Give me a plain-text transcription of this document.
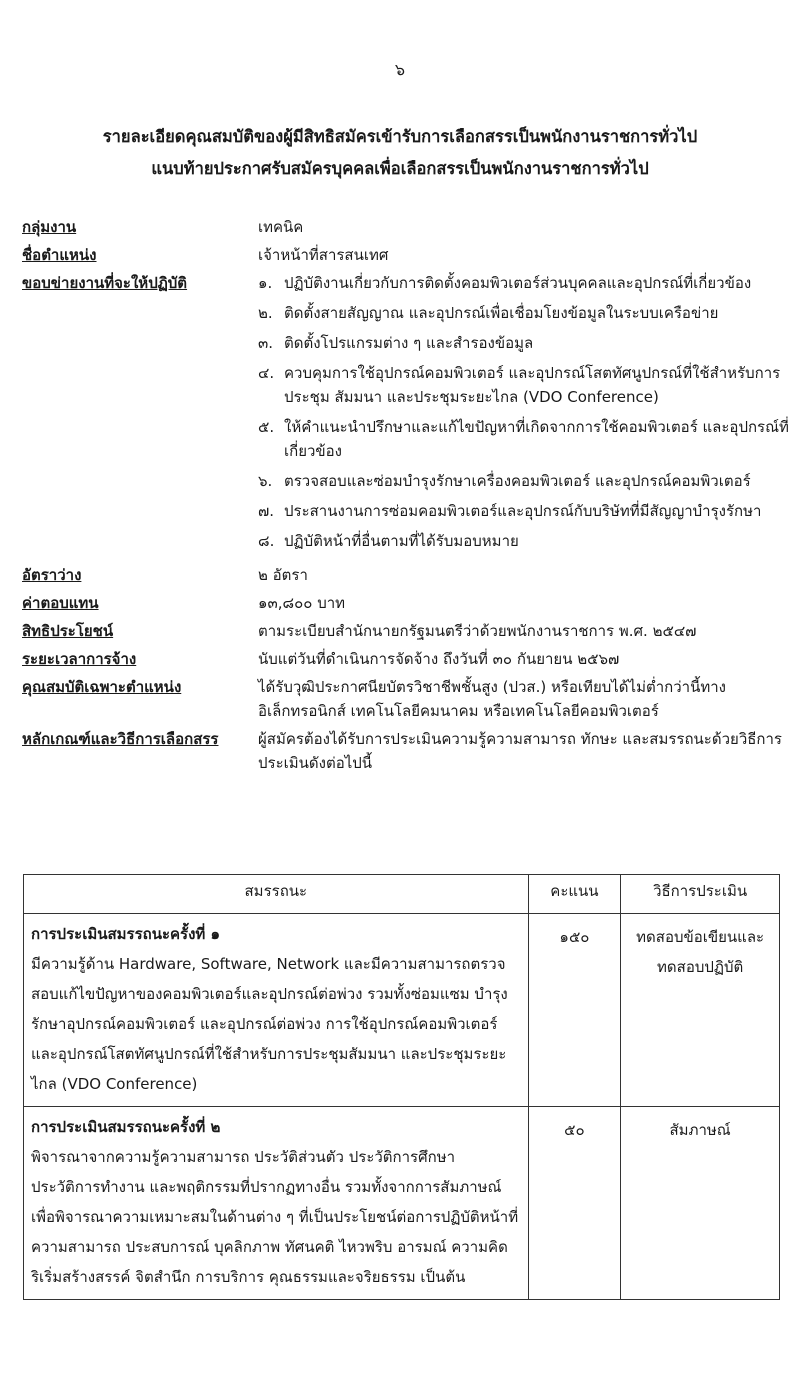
๖
รายละเอียดคุณสมบัติของผู้มีสิทธิสมัครเข้ารับการเลือกสรรเป็นพนักงานราชการทั่วไป
แนบท้ายประกาศรับสมัครบุคคลเพื่อเลือกสรรเป็นพนักงานราชการทั่วไป
กลุ่มงาน	เทคนิค
ชื่อตำแหน่ง	เจ้าหน้าที่สารสนเทศ
ขอบข่ายงานที่จะให้ปฏิบัติ	๑. ปฏิบัติงานเกี่ยวกับการติดตั้งคอมพิวเตอร์ส่วนบุคคลและอุปกรณ์ที่เกี่ยวข้อง
๒. ติดตั้งสายสัญญาณ และอุปกรณ์เพื่อเชื่อมโยงข้อมูลในระบบเครือข่าย
๓. ติดตั้งโปรแกรมต่าง ๆ และสำรองข้อมูล
๔. ควบคุมการใช้อุปกรณ์คอมพิวเตอร์ และอุปกรณ์โสตทัศนูปกรณ์ที่ใช้สำหรับการประชุม สัมมนา และประชุมระยะไกล (VDO Conference)
๕. ให้คำแนะนำปรึกษาและแก้ไขปัญหาที่เกิดจากการใช้คอมพิวเตอร์ และอุปกรณ์ที่เกี่ยวข้อง
๖. ตรวจสอบและซ่อมบำรุงรักษาเครื่องคอมพิวเตอร์ และอุปกรณ์คอมพิวเตอร์
๗. ประสานงานการซ่อมคอมพิวเตอร์และอุปกรณ์กับบริษัทที่มีสัญญาบำรุงรักษา
๘. ปฏิบัติหน้าที่อื่นตามที่ได้รับมอบหมาย
อัตราว่าง	๒ อัตรา
ค่าตอบแทน	๑๓,๘๐๐ บาท
สิทธิประโยชน์	ตามระเบียบสำนักนายกรัฐมนตรีว่าด้วยพนักงานราชการ พ.ศ. ๒๕๔๗
ระยะเวลาการจ้าง	นับแต่วันที่ดำเนินการจัดจ้าง ถึงวันที่ ๓๐ กันยายน ๒๕๖๗
คุณสมบัติเฉพาะตำแหน่ง	ได้รับวุฒิประกาศนียบัตรวิชาชีพชั้นสูง (ปวส.) หรือเทียบได้ไม่ต่ำกว่านี้ทางอิเล็กทรอนิกส์ เทคโนโลยีคมนาคม หรือเทคโนโลยีคอมพิวเตอร์
หลักเกณฑ์และวิธีการเลือกสรร	ผู้สมัครต้องได้รับการประเมินความรู้ความสามารถ ทักษะ และสมรรถนะด้วยวิธีการประเมินดังต่อไปนี้
สมรรถนะ	คะแนน	วิธีการประเมิน

การประเมินสมรรถนะครั้งที่ ๑
มีความรู้ด้าน Hardware, Software, Network และมีความสามารถตรวจสอบแก้ไขปัญหาของคอมพิวเตอร์และอุปกรณ์ต่อพ่วง รวมทั้งซ่อมแซม บำรุงรักษาอุปกรณ์คอมพิวเตอร์ และอุปกรณ์ต่อพ่วง การใช้อุปกรณ์คอมพิวเตอร์ และอุปกรณ์โสตทัศนูปกรณ์ที่ใช้สำหรับการประชุมสัมมนา และประชุมระยะไกล (VDO Conference)	๑๕๐	ทดสอบข้อเขียนและทดสอบปฏิบัติ

การประเมินสมรรถนะครั้งที่ ๒
พิจารณาจากความรู้ความสามารถ ประวัติส่วนตัว ประวัติการศึกษา ประวัติการทำงาน และพฤติกรรมที่ปรากฏทางอื่น รวมทั้งจากการสัมภาษณ์เพื่อพิจารณาความเหมาะสมในด้านต่าง ๆ ที่เป็นประโยชน์ต่อการปฏิบัติหน้าที่ ความสามารถ ประสบการณ์ บุคลิกภาพ ทัศนคติ ไหวพริบ อารมณ์ ความคิดริเริ่มสร้างสรรค์ จิตสำนึก การบริการ คุณธรรมและจริยธรรม เป็นต้น	๕๐	สัมภาษณ์
